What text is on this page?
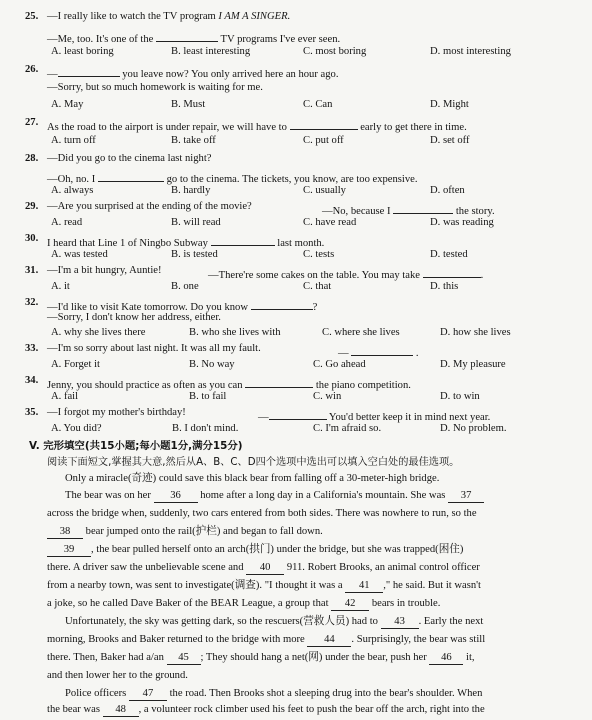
25. —I really like to watch the TV program I AM A SINGER.
—Me, too. It's one of the	TV programs I've ever seen.
A. least boring	B. least interesting	C. most boring	D. most interesting
26. —	you leave now? You only arrived here an hour ago.
—Sorry, but so much homework is waiting for me.
A. May	B. Must	C. Can	D. Might
27. As the road to the airport is under repair, we will have to	early to get there in time.
A. turn off	B. take off	C. put off	D. set off
28. —Did you go to the cinema last night?
—Oh, no. I	go to the cinema. The tickets, you know, are too expensive.
A. always	B. hardly	C. usually	D. often
29. —Are you surprised at the ending of the movie?	—No, because I	the story.
A. read	B. will read	C. have read	D. was reading
30. I heard that Line 1 of Ningbo Subway	last month.
A. was tested	B. is tested	C. tests	D. tested
31. —I'm a bit hungry, Auntie!	—There're some cakes on the table. You may take	.
A. it	B. one	C. that	D. this
32. —I'd like to visit Kate tomorrow. Do you know	?
—Sorry, I don't know her address, either.
A. why she lives there	B. who she lives with	C. where she lives	D. how she lives
33. —I'm so sorry about last night. It was all my fault.	—	.
A. Forget it	B. No way	C. Go ahead	D. My pleasure
34. Jenny, you should practice as often as you can	the piano competition.
A. fail	B. to fail	C. win	D. to win
35. —I forgot my mother's birthday!	—	You'd better keep it in mind next year.
A. You did?	B. I don't mind.	C. I'm afraid so.	D. No problem.
V. 完形填空(共15小题;每小题1分,满分15分)
阅读下面短文,掌握其大意,然后从A、B、C、D四个选项中选出可以填入空白处的最佳选项。
Only a miracle(奇迹) could save this black bear from falling off a 30-meter-high bridge.
The bear was on her 36 home after a long day in a California's mountain. She was 37
across the bridge when, suddenly, two cars entered from both sides. There was nowhere to run, so the
38 bear jumped onto the rail(护栏) and began to fall down.
39 , the bear pulled herself onto an arch(拱门) under the bridge, but she was trapped(困住)
there. A driver saw the unbelievable scene and 40 911. Robert Brooks, an animal control officer
from a nearby town, was sent to investigate(调查). "I thought it was a 41 ," he said. But it wasn't
a joke, so he called Dave Baker of the BEAR League, a group that 42 bears in trouble.
Unfortunately, the sky was getting dark, so the rescuers(营救人员) had to 43 . Early the next
morning, Brooks and Baker returned to the bridge with more 44 . Surprisingly, the bear was still
there. Then, Baker had a/an 45 ; They should hang a net(网) under the bear, push her 46 it,
and then lower her to the ground.
Police officers 47 the road. Then Brooks shot a sleeping drug into the bear's shoulder. When
the bear was 48 , a volunteer rock climber used his feet to push the bear off the arch, right into the
